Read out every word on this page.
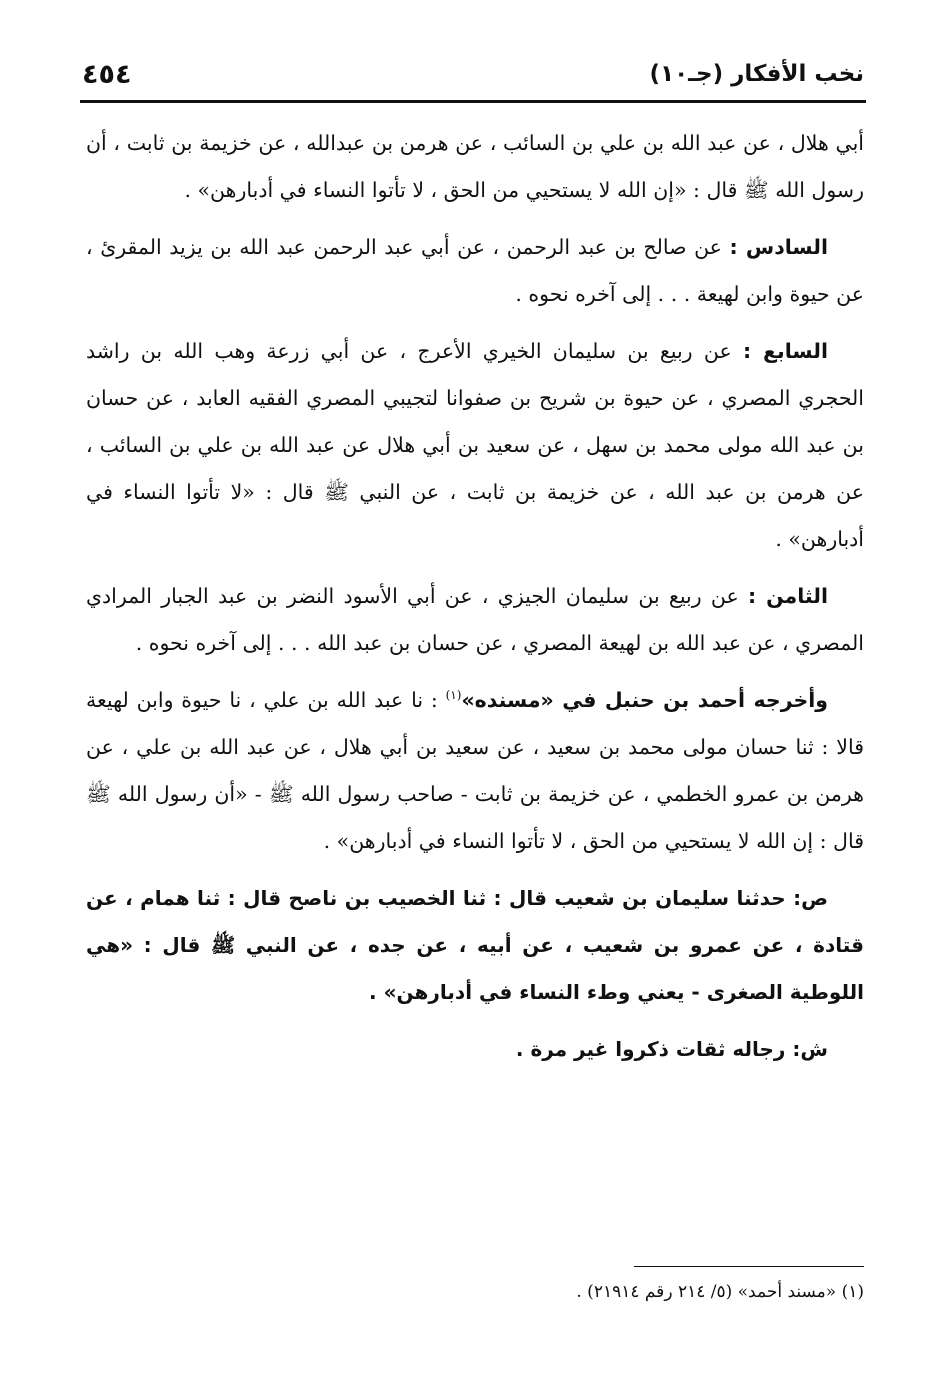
نخب الأفكار (جـ١٠)
٤٥٤

أبي هلال ، عن عبد الله بن علي بن السائب ، عن هرمن بن عبدالله ، عن خزيمة بن ثابت ، أن رسول الله ﷺ قال : «إن الله لا يستحيي من الحق ، لا تأتوا النساء في أدبارهن» .

السادس : عن صالح بن عبد الرحمن ، عن أبي عبد الرحمن عبد الله بن يزيد المقرئ ، عن حيوة وابن لهيعة . . . إلى آخره نحوه .

السابع : عن ربيع بن سليمان الخيري الأعرج ، عن أبي زرعة وهب الله بن راشد الحجري المصري ، عن حيوة بن شريح بن صفوانا لتجيبي المصري الفقيه العابد ، عن حسان بن عبد الله مولى محمد بن سهل ، عن سعيد بن أبي هلال عن عبد الله بن علي بن السائب ، عن هرمن بن عبد الله ، عن خزيمة بن ثابت ، عن النبي ﷺ قال : «لا تأتوا النساء في أدبارهن» .

الثامن : عن ربيع بن سليمان الجيزي ، عن أبي الأسود النضر بن عبد الجبار المرادي المصري ، عن عبد الله بن لهيعة المصري ، عن حسان بن عبد الله . . . إلى آخره نحوه .

وأخرجه أحمد بن حنبل في «مسنده»$^{(١)}$ : نا عبد الله بن علي ، نا حيوة وابن لهيعة قالا : ثنا حسان مولى محمد بن سعيد ، عن سعيد بن أبي هلال ، عن عبد الله بن علي ، عن هرمن بن عمرو الخطمي ، عن خزيمة بن ثابت - صاحب رسول الله ﷺ - «أن رسول الله ﷺ قال : إن الله لا يستحيي من الحق ، لا تأتوا النساء في أدبارهن» .

ص: حدثنا سليمان بن شعيب قال : ثنا الخصيب بن ناصح قال : ثنا همام ، عن قتادة ، عن عمرو بن شعيب ، عن أبيه ، عن جده ، عن النبي ﷺ قال : «هي اللوطية الصغرى - يعني وطء النساء في أدبارهن» .

ش: رجاله ثقات ذكروا غير مرة .

(١) «مسند أحمد» (٥/ ٢١٤ رقم ٢١٩١٤) .
